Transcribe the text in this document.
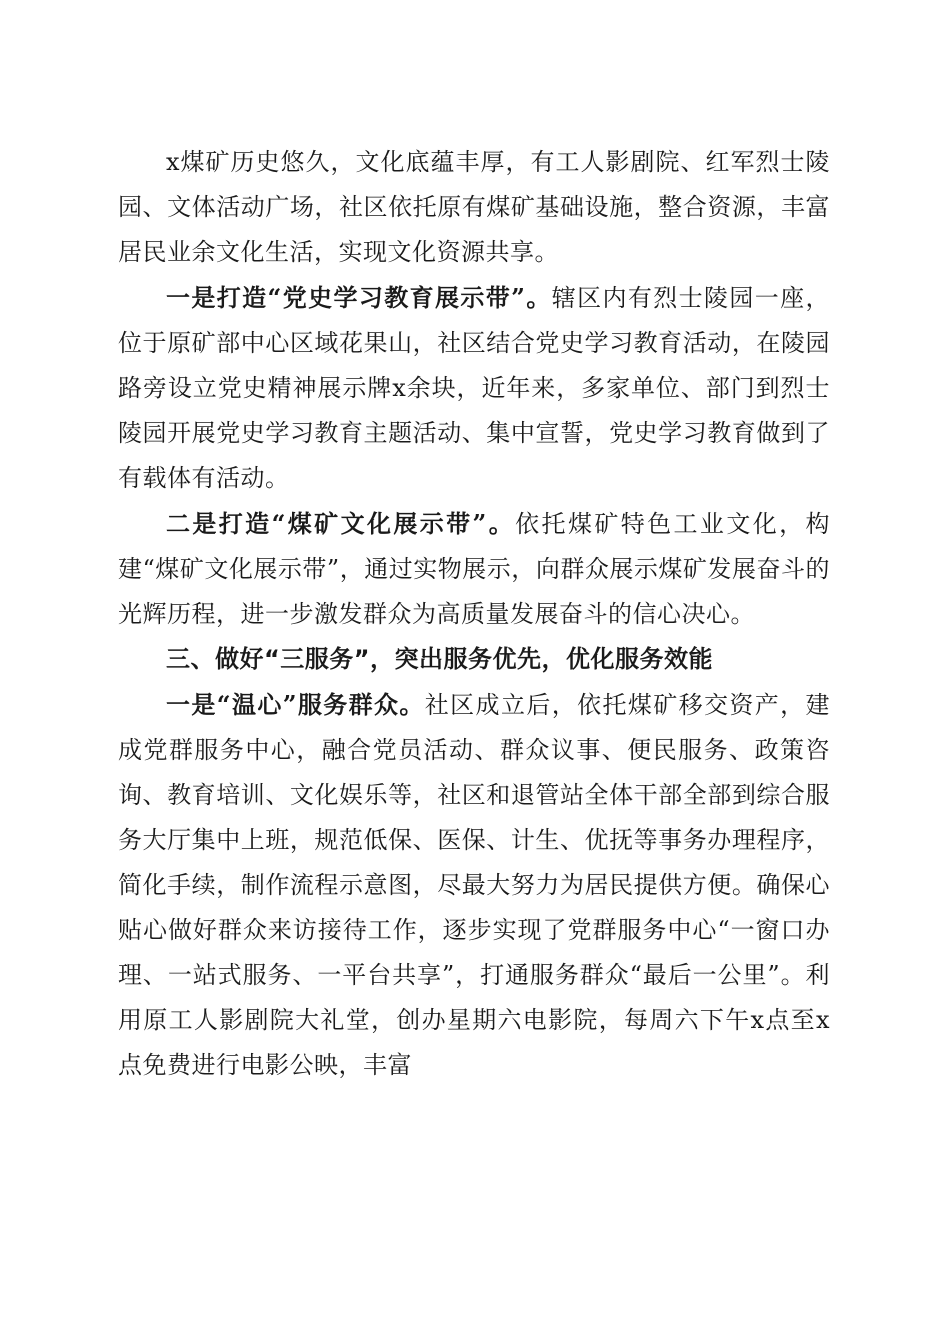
x煤矿历史悠久，文化底蕴丰厚，有工人影剧院、红军烈士陵园、文体活动广场，社区依托原有煤矿基础设施，整合资源，丰富居民业余文化生活，实现文化资源共享。

一是打造“党史学习教育展示带”。辖区内有烈士陵园一座，位于原矿部中心区域花果山，社区结合党史学习教育活动，在陵园路旁设立党史精神展示牌x余块，近年来，多家单位、部门到烈士陵园开展党史学习教育主题活动、集中宣誓，党史学习教育做到了有载体有活动。

二是打造“煤矿文化展示带”。依托煤矿特色工业文化，构建“煤矿文化展示带”，通过实物展示，向群众展示煤矿发展奋斗的光辉历程，进一步激发群众为高质量发展奋斗的信心决心。

三、做好“三服务”，突出服务优先，优化服务效能

一是“温心”服务群众。社区成立后，依托煤矿移交资产，建成党群服务中心，融合党员活动、群众议事、便民服务、政策咨询、教育培训、文化娱乐等，社区和退管站全体干部全部到综合服务大厅集中上班，规范低保、医保、计生、优抚等事务办理程序，简化手续，制作流程示意图，尽最大努力为居民提供方便。确保心贴心做好群众来访接待工作，逐步实现了党群服务中心“一窗口办理、一站式服务、一平台共享”，打通服务群众“最后一公里”。利用原工人影剧院大礼堂，创办星期六电影院，每周六下午x点至x点免费进行电影公映，丰富
